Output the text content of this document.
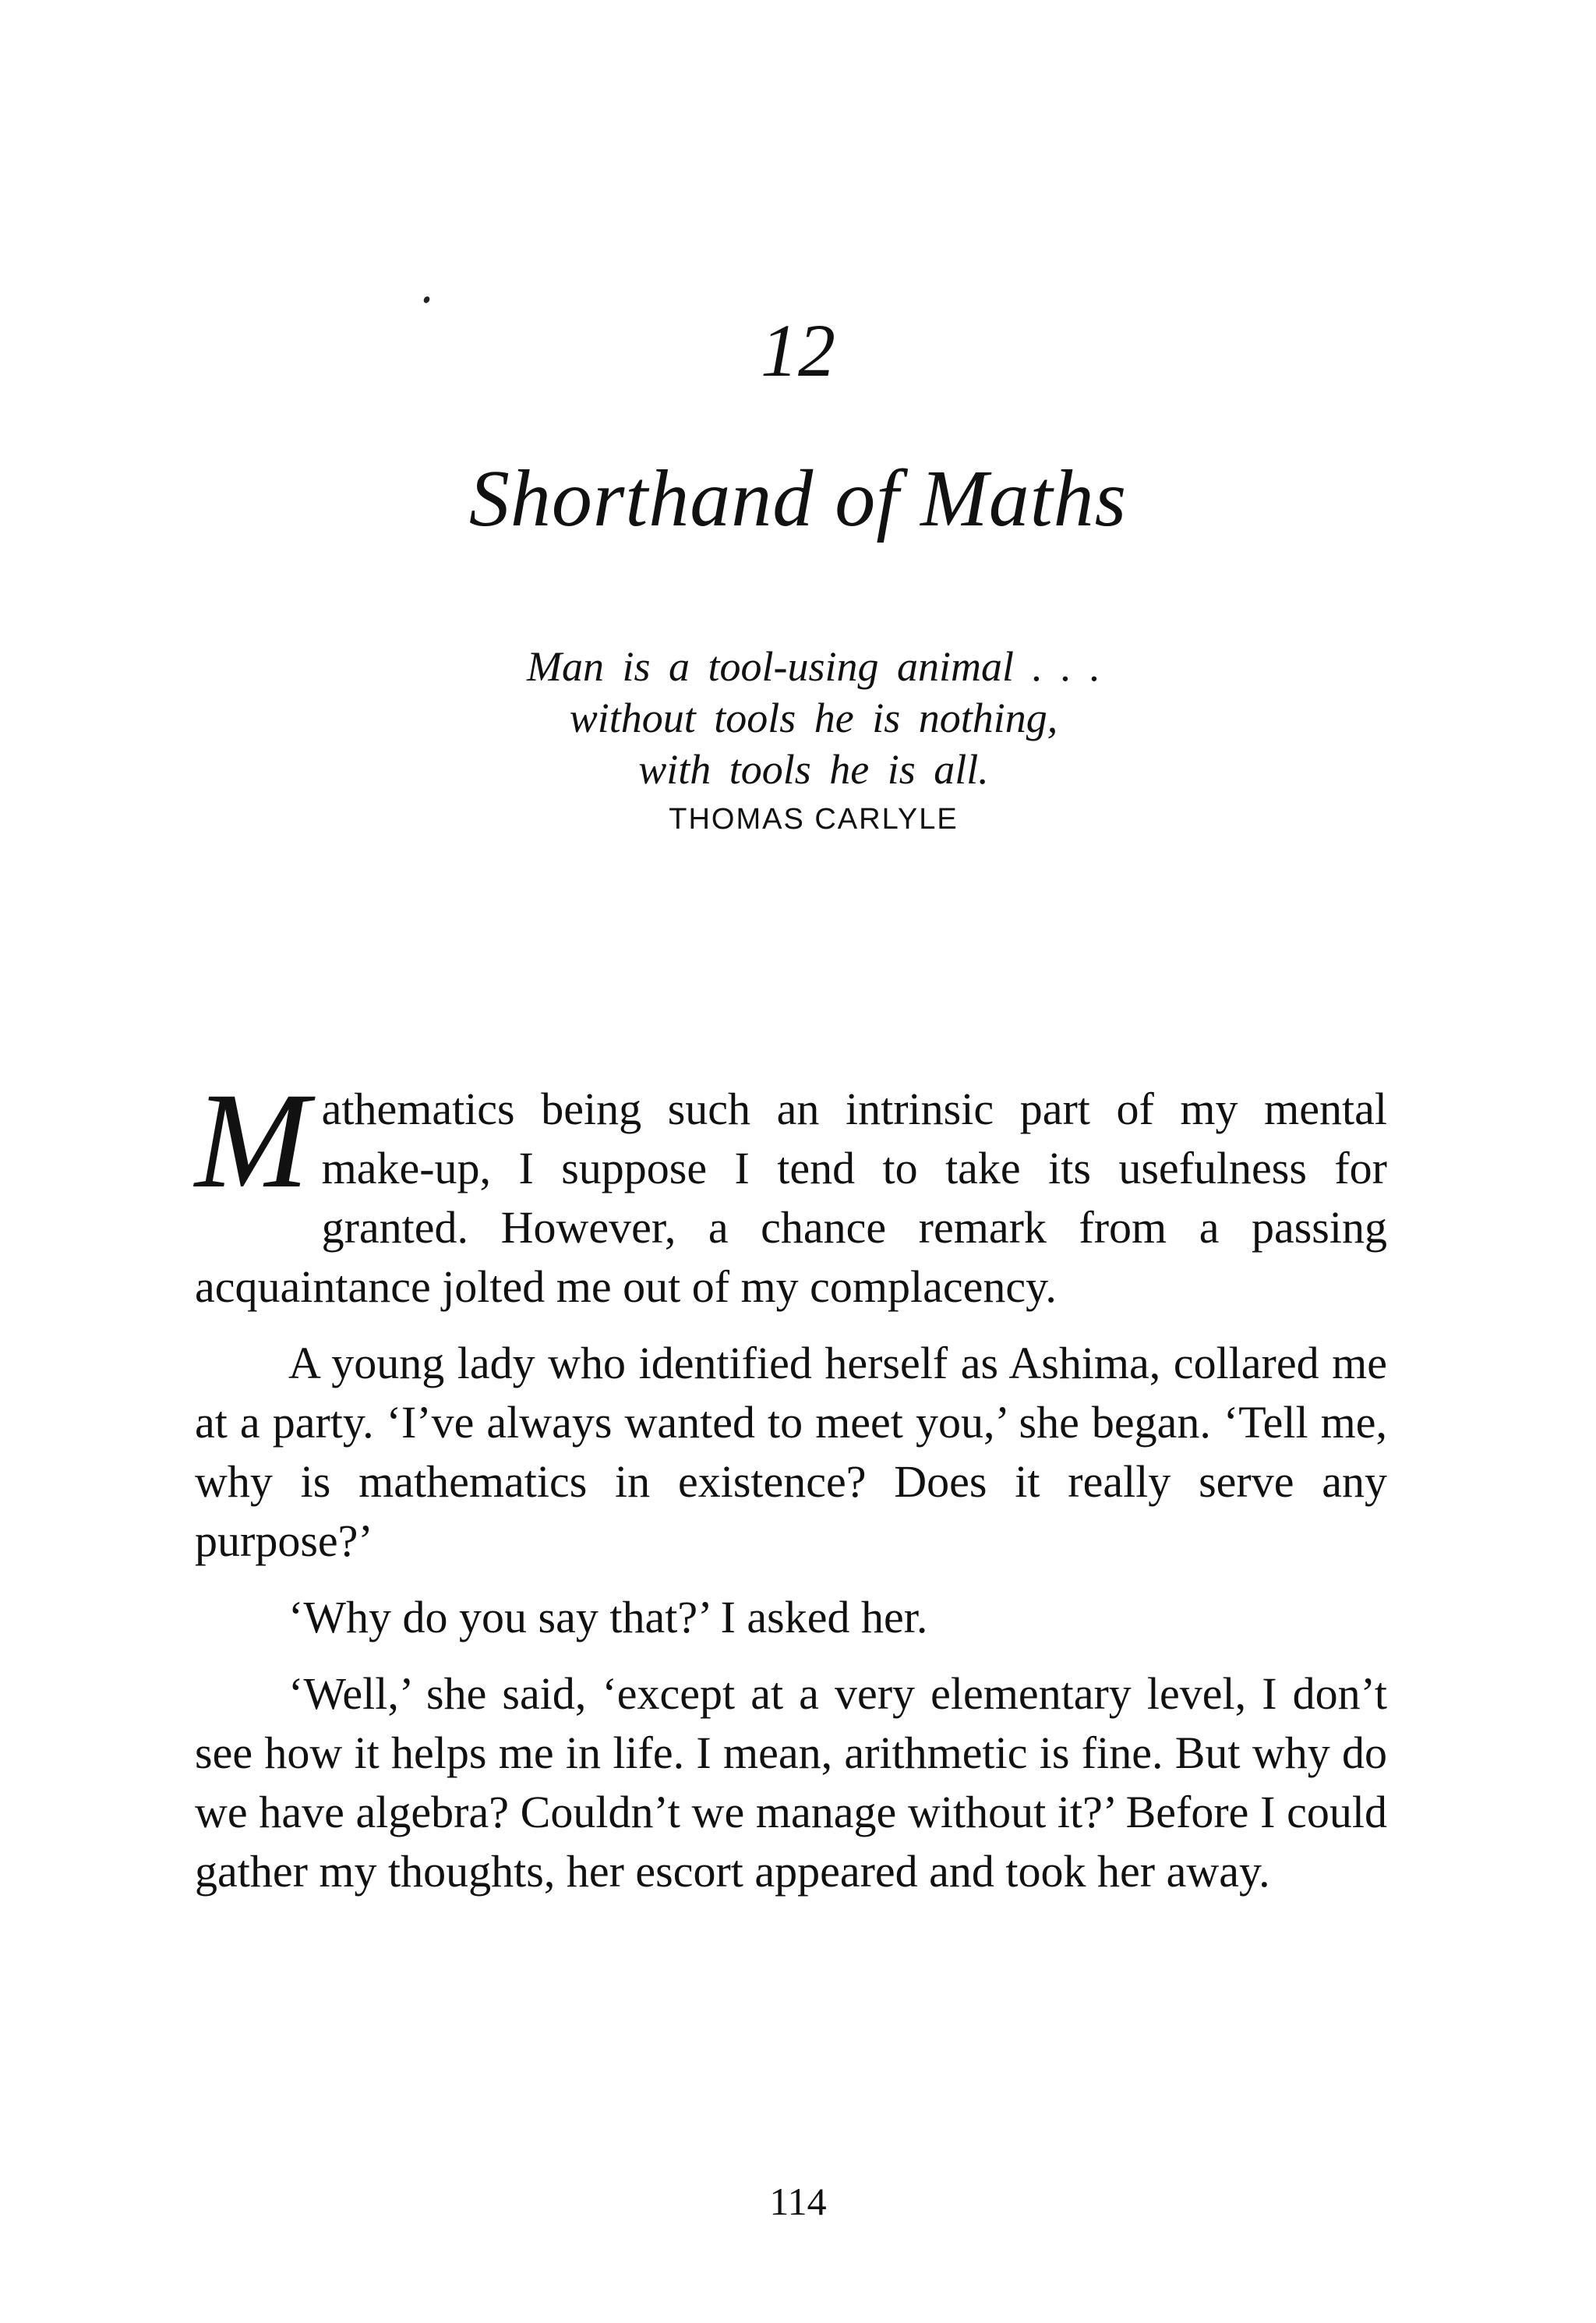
12
Shorthand of Maths
Man is a tool-using animal . . .
without tools he is nothing,
with tools he is all.
THOMAS CARLYLE

Mathematics being such an intrinsic part of my mental make-up, I suppose I tend to take its usefulness for granted. However, a chance remark from a passing acquaintance jolted me out of my complacency.

A young lady who identified herself as Ashima, collared me at a party. ‘I’ve always wanted to meet you,’ she began. ‘Tell me, why is mathematics in existence? Does it really serve any purpose?’

‘Why do you say that?’ I asked her.

‘Well,’ she said, ‘except at a very elementary level, I don’t see how it helps me in life. I mean, arithmetic is fine. But why do we have algebra? Couldn’t we manage without it?’ Before I could gather my thoughts, her escort appeared and took her away.

114
